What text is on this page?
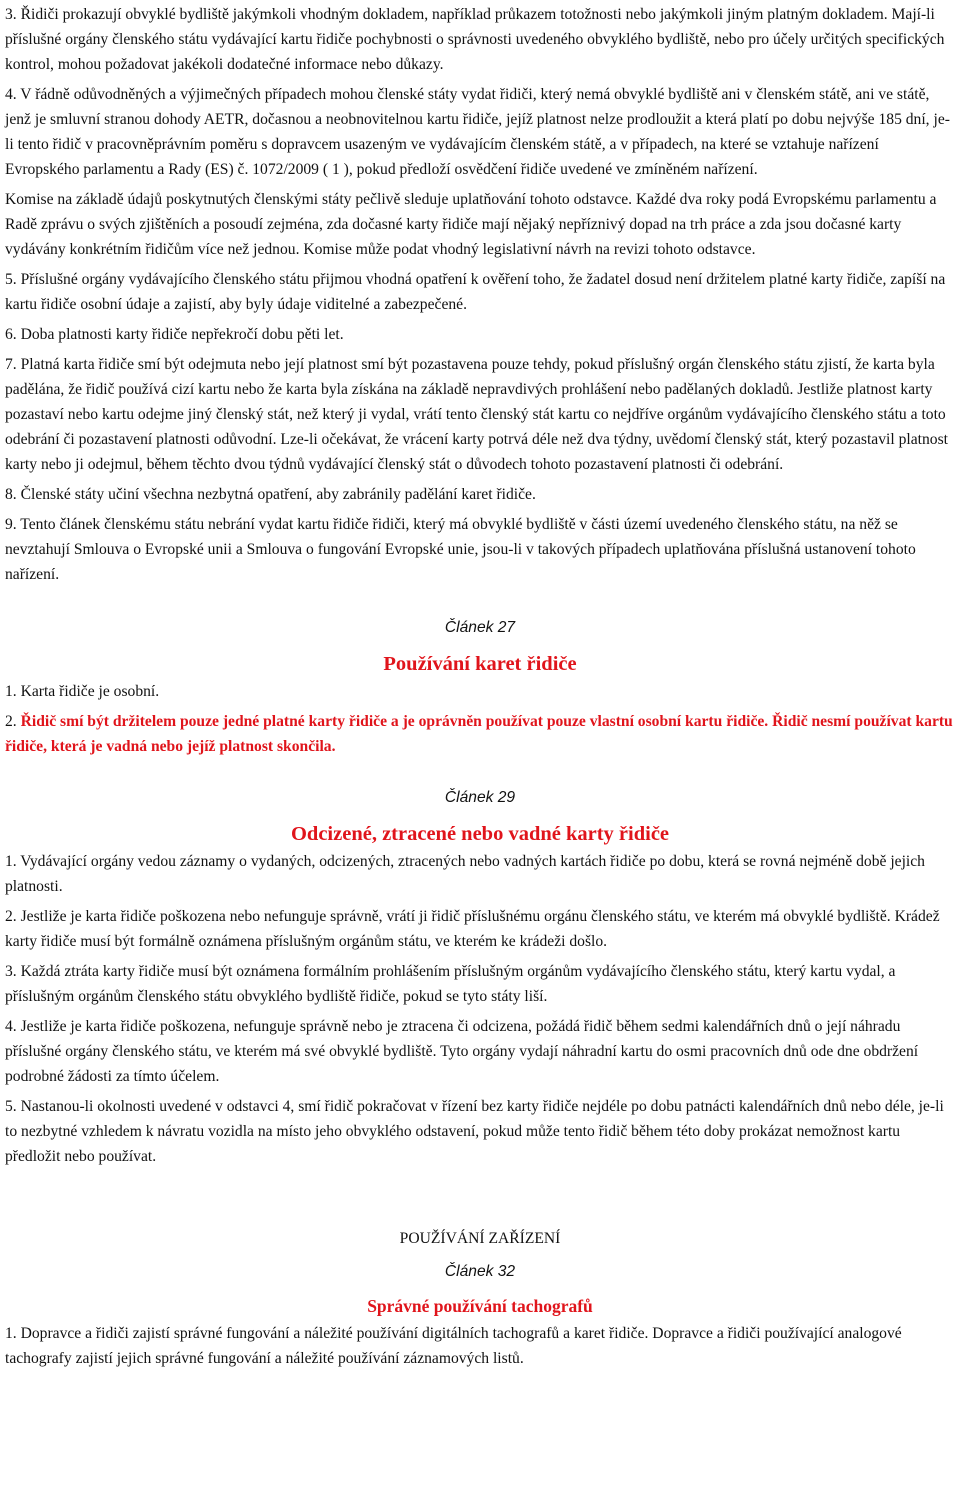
3. Řidiči prokazují obvyklé bydliště jakýmkoli vhodným dokladem, například průkazem totožnosti nebo jakýmkoli jiným platným dokladem. Mají-li příslušné orgány členského státu vydávající kartu řidiče pochybnosti o správnosti uvedeného obvyklého bydliště, nebo pro účely určitých specifických kontrol, mohou požadovat jakékoli dodatečné informace nebo důkazy.

4. V řádně odůvodněných a výjimečných případech mohou členské státy vydat řidiči, který nemá obvyklé bydliště ani v členském státě, ani ve státě, jenž je smluvní stranou dohody AETR, dočasnou a neobnovitelnou kartu řidiče, jejíž platnost nelze prodloužit a která platí po dobu nejvýše 185 dní, je-li tento řidič v pracovněprávním poměru s dopravcem usazeným ve vydávajícím členském státě, a v případech, na které se vztahuje nařízení Evropského parlamentu a Rady (ES) č. 1072/2009 ( 1 ), pokud předloží osvědčení řidiče uvedené ve zmíněném nařízení.

Komise na základě údajů poskytnutých členskými státy pečlivě sleduje uplatňování tohoto odstavce. Každé dva roky podá Evropskému parlamentu a Radě zprávu o svých zjištěních a posoudí zejména, zda dočasné karty řidiče mají nějaký nepříznivý dopad na trh práce a zda jsou dočasné karty vydávány konkrétním řidičům více než jednou. Komise může podat vhodný legislativní návrh na revizi tohoto odstavce.

5. Příslušné orgány vydávajícího členského státu přijmou vhodná opatření k ověření toho, že žadatel dosud není držitelem platné karty řidiče, zapíší na kartu řidiče osobní údaje a zajistí, aby byly údaje viditelné a zabezpečené.

6. Doba platnosti karty řidiče nepřekročí dobu pěti let.

7. Platná karta řidiče smí být odejmuta nebo její platnost smí být pozastavena pouze tehdy, pokud příslušný orgán členského státu zjistí, že karta byla padělána, že řidič používá cizí kartu nebo že karta byla získána na základě nepravdivých prohlášení nebo padělaných dokladů. Jestliže platnost karty pozastaví nebo kartu odejme jiný členský stát, než který ji vydal, vrátí tento členský stát kartu co nejdříve orgánům vydávajícího členského státu a toto odebrání či pozastavení platnosti odůvodní. Lze-li očekávat, že vrácení karty potrvá déle než dva týdny, uvědomí členský stát, který pozastavil platnost karty nebo ji odejmul, během těchto dvou týdnů vydávající členský stát o důvodech tohoto pozastavení platnosti či odebrání.

8. Členské státy učiní všechna nezbytná opatření, aby zabránily padělání karet řidiče.

9. Tento článek členskému státu nebrání vydat kartu řidiče řidiči, který má obvyklé bydliště v části území uvedeného členského státu, na něž se nevztahují Smlouva o Evropské unii a Smlouva o fungování Evropské unie, jsou-li v takových případech uplatňována příslušná ustanovení tohoto nařízení.

Článek 27

Používání karet řidiče

1. Karta řidiče je osobní.

2. Řidič smí být držitelem pouze jedné platné karty řidiče a je oprávněn používat pouze vlastní osobní kartu řidiče. Řidič nesmí používat kartu řidiče, která je vadná nebo jejíž platnost skončila.

Článek 29

Odcizené, ztracené nebo vadné karty řidiče

1. Vydávající orgány vedou záznamy o vydaných, odcizených, ztracených nebo vadných kartách řidiče po dobu, která se rovná nejméně době jejich platnosti.

2. Jestliže je karta řidiče poškozena nebo nefunguje správně, vrátí ji řidič příslušnému orgánu členského státu, ve kterém má obvyklé bydliště. Krádež karty řidiče musí být formálně oznámena příslušným orgánům státu, ve kterém ke krádeži došlo.

3. Každá ztráta karty řidiče musí být oznámena formálním prohlášením příslušným orgánům vydávajícího členského státu, který kartu vydal, a příslušným orgánům členského státu obvyklého bydliště řidiče, pokud se tyto státy liší.

4. Jestliže je karta řidiče poškozena, nefunguje správně nebo je ztracena či odcizena, požádá řidič během sedmi kalendářních dnů o její náhradu příslušné orgány členského státu, ve kterém má své obvyklé bydliště. Tyto orgány vydají náhradní kartu do osmi pracovních dnů ode dne obdržení podrobné žádosti za tímto účelem.

5. Nastanou-li okolnosti uvedené v odstavci 4, smí řidič pokračovat v řízení bez karty řidiče nejdéle po dobu patnácti kalendářních dnů nebo déle, je-li to nezbytné vzhledem k návratu vozidla na místo jeho obvyklého odstavení, pokud může tento řidič během této doby prokázat nemožnost kartu předložit nebo používat.

POUŽÍVÁNÍ ZAŘÍZENÍ

Článek 32

Správné používání tachografů

1. Dopravce a řidiči zajistí správné fungování a náležité používání digitálních tachografů a karet řidiče. Dopravce a řidiči používající analogové tachografy zajistí jejich správné fungování a náležité používání záznamových listů.
